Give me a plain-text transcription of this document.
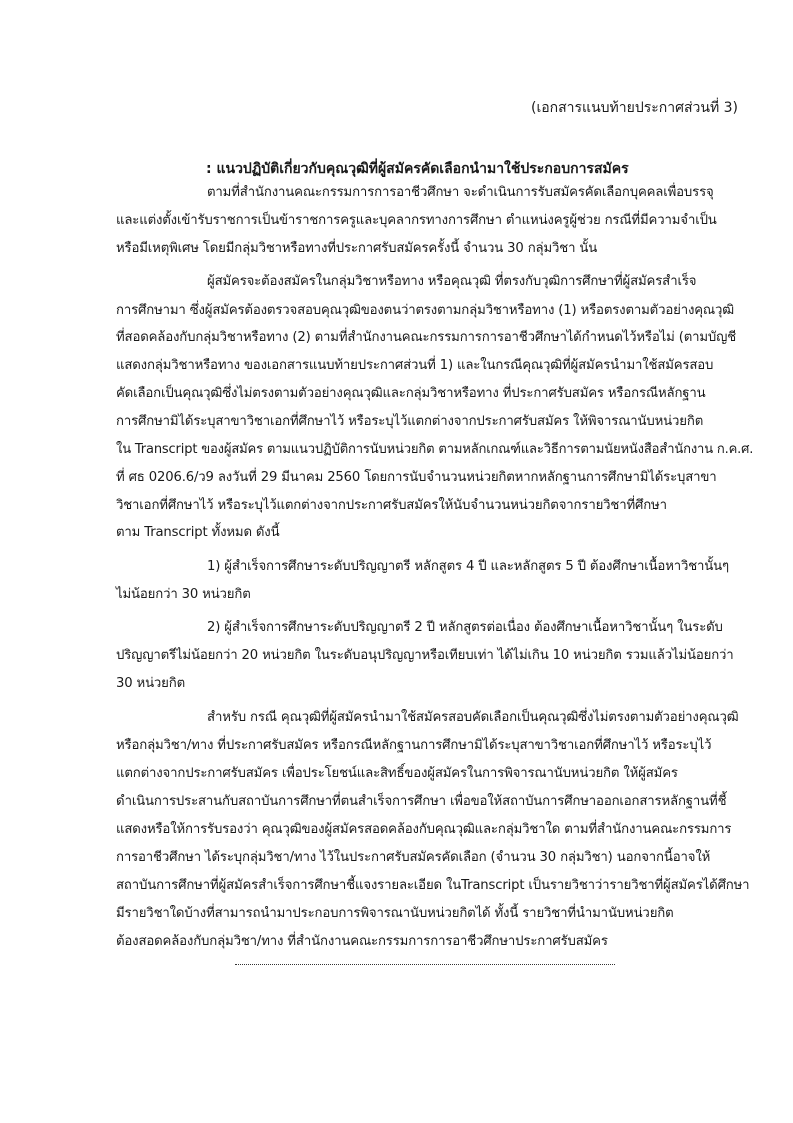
(เอกสารแนบท้ายประกาศส่วนที่ 3)
: แนวปฏิบัติเกี่ยวกับคุณวุฒิที่ผู้สมัครคัดเลือกนำมาใช้ประกอบการสมัคร
ตามที่สำนักงานคณะกรรมการการอาชีวศึกษา จะดำเนินการรับสมัครคัดเลือกบุคคลเพื่อบรรจุ
และแต่งตั้งเข้ารับราชการเป็นข้าราชการครูและบุคลากรทางการศึกษา ตำแหน่งครูผู้ช่วย กรณีที่มีความจำเป็น
หรือมีเหตุพิเศษ โดยมีกลุ่มวิชาหรือทางที่ประกาศรับสมัครครั้งนี้ จำนวน 30 กลุ่มวิชา นั้น
ผู้สมัครจะต้องสมัครในกลุ่มวิชาหรือทาง หรือคุณวุฒิ ที่ตรงกับวุฒิการศึกษาที่ผู้สมัครสำเร็จ
การศึกษามา ซึ่งผู้สมัครต้องตรวจสอบคุณวุฒิของตนว่าตรงตามกลุ่มวิชาหรือทาง (1) หรือตรงตามตัวอย่างคุณวุฒิ
ที่สอดคล้องกับกลุ่มวิชาหรือทาง (2) ตามที่สำนักงานคณะกรรมการการอาชีวศึกษาได้กำหนดไว้หรือไม่ (ตามบัญชี
แสดงกลุ่มวิชาหรือทาง ของเอกสารแนบท้ายประกาศส่วนที่ 1) และในกรณีคุณวุฒิที่ผู้สมัครนำมาใช้สมัครสอบ
คัดเลือกเป็นคุณวุฒิซึ่งไม่ตรงตามตัวอย่างคุณวุฒิและกลุ่มวิชาหรือทาง ที่ประกาศรับสมัคร หรือกรณีหลักฐาน
การศึกษามิได้ระบุสาขาวิชาเอกที่ศึกษาไว้ หรือระบุไว้แตกต่างจากประกาศรับสมัคร ให้พิจารณานับหน่วยกิต
ใน Transcript ของผู้สมัคร ตามแนวปฏิบัติการนับหน่วยกิต ตามหลักเกณฑ์และวิธีการตามนัยหนังสือสำนักงาน ก.ค.ศ.
ที่ ศธ 0206.6/ว9 ลงวันที่ 29 มีนาคม 2560 โดยการนับจำนวนหน่วยกิตหากหลักฐานการศึกษามิได้ระบุสาขา
วิชาเอกที่ศึกษาไว้ หรือระบุไว้แตกต่างจากประกาศรับสมัครให้นับจำนวนหน่วยกิตจากรายวิชาที่ศึกษา
ตาม Transcript ทั้งหมด ดังนี้
1) ผู้สำเร็จการศึกษาระดับปริญญาตรี หลักสูตร 4 ปี และหลักสูตร 5 ปี ต้องศึกษาเนื้อหาวิชานั้นๆ
ไม่น้อยกว่า 30 หน่วยกิต
2) ผู้สำเร็จการศึกษาระดับปริญญาตรี 2 ปี หลักสูตรต่อเนื่อง ต้องศึกษาเนื้อหาวิชานั้นๆ ในระดับ
ปริญญาตรีไม่น้อยกว่า 20 หน่วยกิต ในระดับอนุปริญญาหรือเทียบเท่า ได้ไม่เกิน 10 หน่วยกิต รวมแล้วไม่น้อยกว่า
30 หน่วยกิต
สำหรับ กรณี คุณวุฒิที่ผู้สมัครนำมาใช้สมัครสอบคัดเลือกเป็นคุณวุฒิซึ่งไม่ตรงตามตัวอย่างคุณวุฒิ
หรือกลุ่มวิชา/ทาง ที่ประกาศรับสมัคร หรือกรณีหลักฐานการศึกษามิได้ระบุสาขาวิชาเอกที่ศึกษาไว้ หรือระบุไว้
แตกต่างจากประกาศรับสมัคร เพื่อประโยชน์และสิทธิ์ของผู้สมัครในการพิจารณานับหน่วยกิต ให้ผู้สมัคร
ดำเนินการประสานกับสถาบันการศึกษาที่ตนสำเร็จการศึกษา เพื่อขอให้สถาบันการศึกษาออกเอกสารหลักฐานที่ชี้
แสดงหรือให้การรับรองว่า คุณวุฒิของผู้สมัครสอดคล้องกับคุณวุฒิและกลุ่มวิชาใด ตามที่สำนักงานคณะกรรมการ
การอาชีวศึกษา ได้ระบุกลุ่มวิชา/ทาง ไว้ในประกาศรับสมัครคัดเลือก (จำนวน 30 กลุ่มวิชา) นอกจากนี้อาจให้
สถาบันการศึกษาที่ผู้สมัครสำเร็จการศึกษาชี้แจงรายละเอียด ในTranscript เป็นรายวิชาว่ารายวิชาที่ผู้สมัครได้ศึกษา
มีรายวิชาใดบ้างที่สามารถนำมาประกอบการพิจารณานับหน่วยกิตได้ ทั้งนี้ รายวิชาที่นำมานับหน่วยกิต
ต้องสอดคล้องกับกลุ่มวิชา/ทาง ที่สำนักงานคณะกรรมการการอาชีวศึกษาประกาศรับสมัคร
